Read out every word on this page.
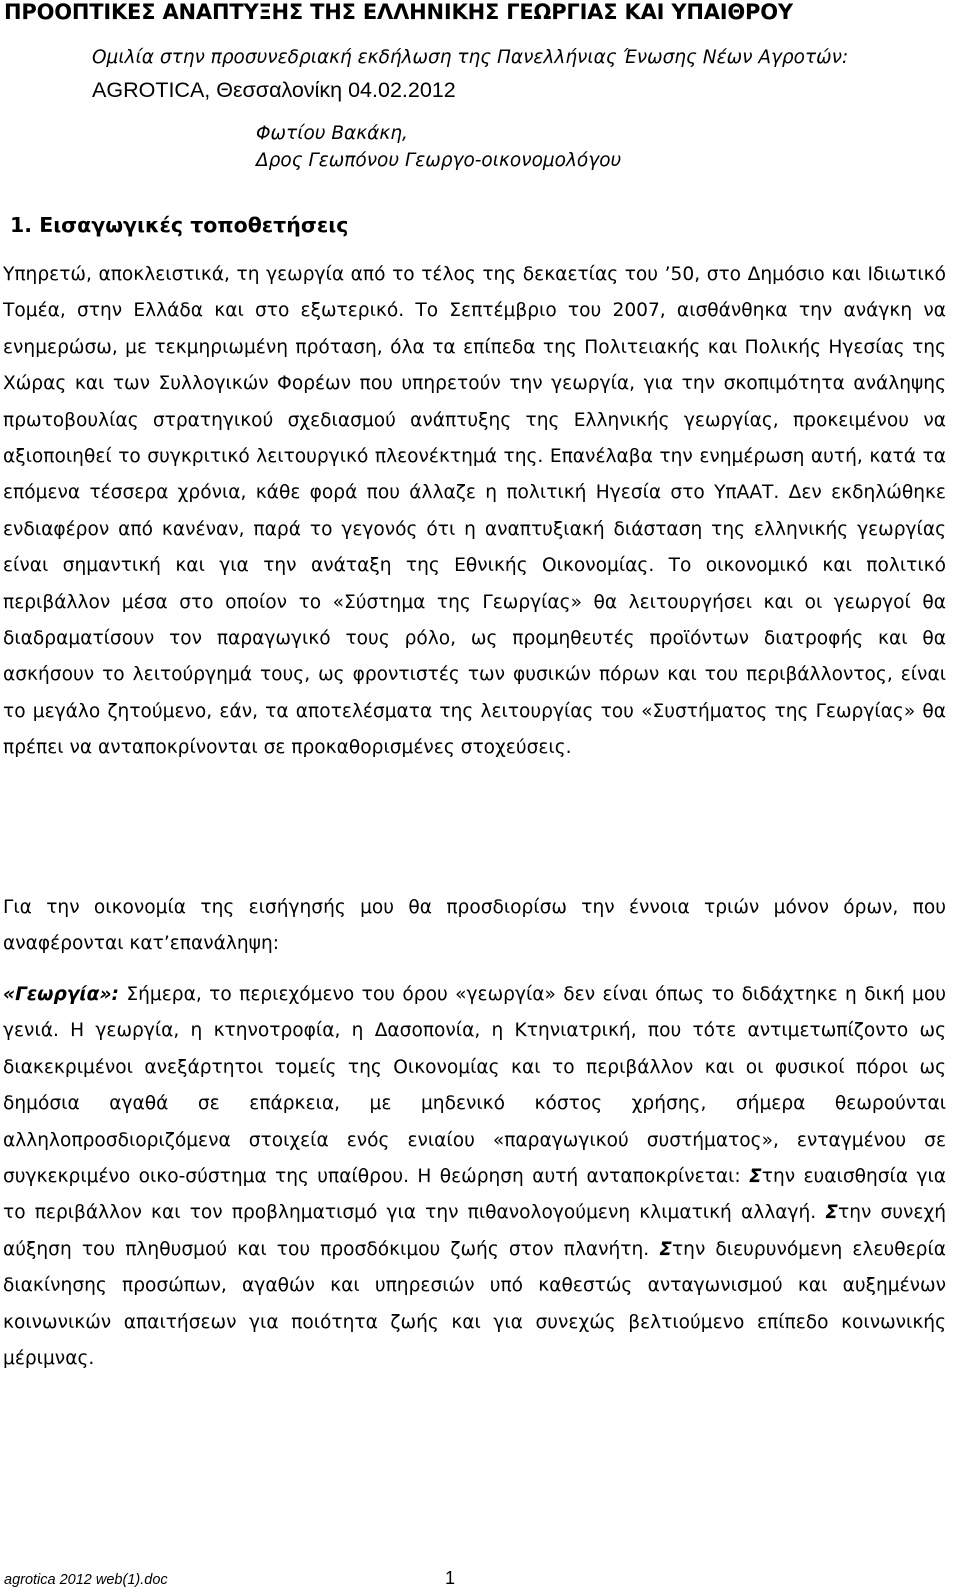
ΠΡΟΟΠΤΙΚΕΣ ΑΝΑΠΤΥΞΗΣ ΤΗΣ ΕΛΛΗΝΙΚΗΣ ΓΕΩΡΓΙΑΣ ΚΑΙ ΥΠΑΙΘΡΟΥ
Ομιλία στην προσυνεδριακή εκδήλωση της Πανελλήνιας Ένωσης Νέων Αγροτών:
AGROTICA, Θεσσαλονίκη 04.02.2012
Φωτίου Βακάκη,
Δρος Γεωπόνου Γεωργο-οικονομολόγου
1. Εισαγωγικές τοποθετήσεις

Υπηρετώ, αποκλειστικά, τη γεωργία από το τέλος της δεκαετίας του ’50, στο Δημόσιο και Ιδιωτικό Τομέα, στην Ελλάδα και στο εξωτερικό. Το Σεπτέμβριο του 2007, αισθάνθηκα την ανάγκη να ενημερώσω, με τεκμηριωμένη πρόταση, όλα τα επίπεδα της Πολιτειακής και Πολικής Ηγεσίας της Χώρας και των Συλλογικών Φορέων που υπηρετούν την γεωργία, για την σκοπιμότητα ανάληψης πρωτοβουλίας στρατηγικού σχεδιασμού ανάπτυξης της Ελληνικής γεωργίας, προκειμένου να αξιοποιηθεί το συγκριτικό λειτουργικό πλεονέκτημά της. Επανέλαβα την ενημέρωση αυτή, κατά τα επόμενα τέσσερα χρόνια, κάθε φορά που άλλαζε η πολιτική Ηγεσία στο ΥπΑΑΤ. Δεν εκδηλώθηκε ενδιαφέρον από κανέναν, παρά το γεγονός ότι η αναπτυξιακή διάσταση της ελληνικής γεωργίας είναι σημαντική και για την ανάταξη της Εθνικής Οικονομίας. Το οικονομικό και πολιτικό περιβάλλον μέσα στο οποίον το «Σύστημα της Γεωργίας» θα λειτουργήσει και οι γεωργοί θα διαδραματίσουν τον παραγωγικό τους ρόλο, ως προμηθευτές προϊόντων διατροφής και θα ασκήσουν το λειτούργημά τους, ως φροντιστές των φυσικών πόρων και του περιβάλλοντος, είναι το μεγάλο ζητούμενο, εάν, τα αποτελέσματα της λειτουργίας του «Συστήματος της Γεωργίας» θα πρέπει να ανταποκρίνονται σε προκαθορισμένες στοχεύσεις.

Για την οικονομία της εισήγησής μου θα προσδιορίσω την έννοια τριών μόνον όρων, που αναφέρονται κατ’επανάληψη:

«Γεωργία»: Σήμερα, το περιεχόμενο του όρου «γεωργία» δεν είναι όπως το διδάχτηκε η δική μου γενιά. Η γεωργία, η κτηνοτροφία, η Δασοπονία, η Κτηνιατρική, που τότε αντιμετωπίζοντο ως διακεκριμένοι ανεξάρτητοι τομείς της Οικονομίας και το περιβάλλον και οι φυσικοί πόροι ως δημόσια αγαθά σε επάρκεια, με μηδενικό κόστος χρήσης, σήμερα θεωρούνται αλληλοπροσδιοριζόμενα στοιχεία ενός ενιαίου «παραγωγικού συστήματος», ενταγμένου σε συγκεκριμένο οικο-σύστημα της υπαίθρου. Η θεώρηση αυτή ανταποκρίνεται: Στην ευαισθησία για το περιβάλλον και τον προβληματισμό για την πιθανολογούμενη κλιματική αλλαγή. Στην συνεχή αύξηση του πληθυσμού και του προσδόκιμου ζωής στον πλανήτη. Στην διευρυνόμενη ελευθερία διακίνησης προσώπων, αγαθών και υπηρεσιών υπό καθεστώς ανταγωνισμού και αυξημένων κοινωνικών απαιτήσεων για ποιότητα ζωής και για συνεχώς βελτιούμενο επίπεδο κοινωνικής μέριμνας.

agrotica 2012 web(1).doc	1
